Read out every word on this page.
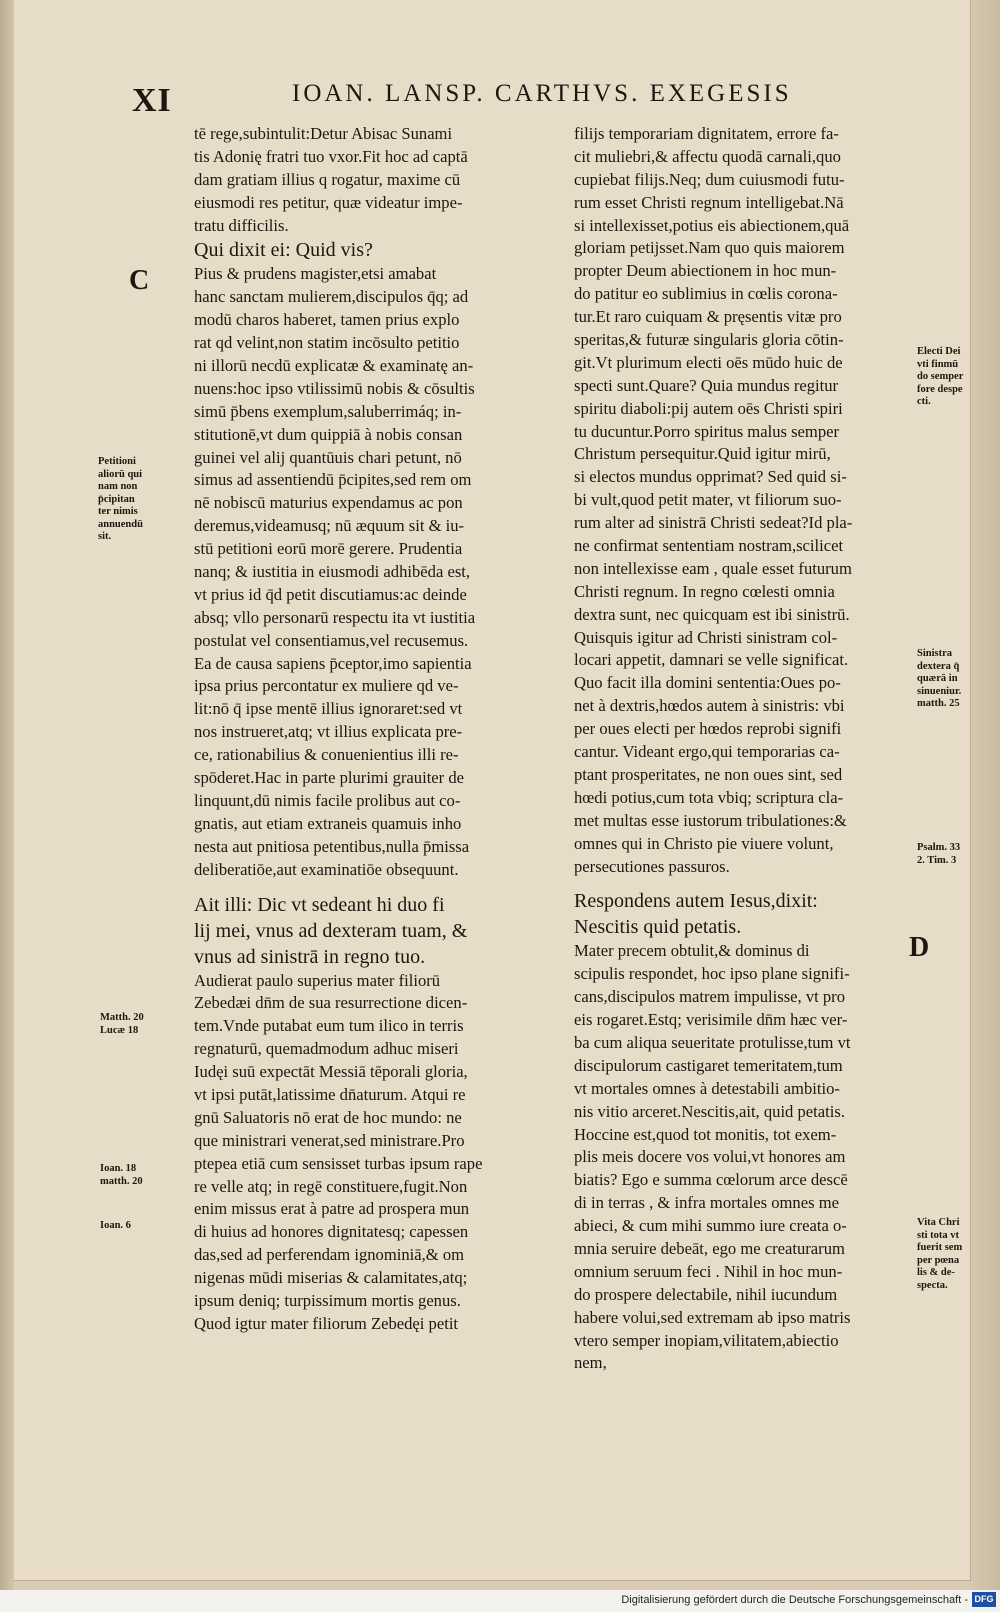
XI	IOAN. LANSP. CARTHVS. EXEGESIS
tē rege,subintulit:Detur Abisac Sunami
tis Adonię fratri tuo vxor.Fit hoc ad captā
dam gratiam illius q rogatur, maxime cū
eiusmodi res petitur, quæ videatur impe-
tratu difficilis.
Qui dixit ei: Quid vis?
Pius & prudens magister,etsi amabat
hanc sanctam mulierem,discipulos q̄q; ad
modū charos haberet, tamen prius explo
rat qd velint,non statim incōsulto petitio
ni illorū necdū explicatæ & examinatę an-
nuens:hoc ipso vtilissimū nobis & cōsultis
simū p̄bens exemplum,saluberrimáq; in-
stitutionē,vt dum quippiā à nobis consan
guinei vel alij quantūuis chari petunt, nō
simus ad assentiendū p̄cipites,sed rem om
nē nobiscū maturius expendamus ac pon
deremus,videamusq; nū æquum sit & iu-
stū petitioni eorū morē gerere. Prudentia
nanq; & iustitia in eiusmodi adhibēda est,
vt prius id q̄d petit discutiamus:ac deinde
absq; vllo personarū respectu ita vt iustitia
postulat vel consentiamus,vel recusemus.
Ea de causa sapiens p̄ceptor,imo sapientia
ipsa prius percontatur ex muliere qd ve-
lit:nō q̄ ipse mentē illius ignoraret:sed vt
nos instrueret,atq; vt illius explicata pre-
ce, rationabilius & conuenientius illi re-
spōderet.Hac in parte plurimi grauiter de
linquunt,dū nimis facile prolibus aut co-
gnatis, aut etiam extraneis quamuis inho
nesta aut pnitiosa petentibus,nulla p̄missa
deliberatiōe,aut examinatiōe obsequunt.
Ait illi: Dic vt sedeant hi duo fi
lij mei, vnus ad dexteram tuam, &
vnus ad sinistrā in regno tuo.
Audierat paulo superius mater filiorū
Zebedæi dn̄m de sua resurrectione dicen-
tem.Vnde putabat eum tum ilico in terris
regnaturū, quemadmodum adhuc miseri
Iudęi suū expectāt Messiā tēporali gloria,
vt ipsi putāt,latissime dn̄aturum. Atqui re
gnū Saluatoris nō erat de hoc mundo: ne
que ministrari venerat,sed ministrare.Pro
ptерea etiā cum sensisset turbas ipsum rape
re velle atq; in regē constituere,fugit.Non
enim missus erat à patre ad prospera mun
di huius ad honores dignitatesq; capessen
das,sed ad perferendam ignominiā,& om
nigenas mūdi miserias & calamitates,atq;
ipsum deniq; turpissimum mortis genus.
Quod igtur mater filiorum Zebedęi petit
filijs temporariam dignitatem, errore fa-
cit muliebri,& affectu quodā carnali,quo
cupiebat filijs.Neq; dum cuiusmodi futu-
rum esset Christi regnum intelligebat.Nā
si intellexisset,potius eis abiectionem,quā
gloriam petijsset.Nam quo quis maiorem
propter Deum abiectionem in hoc mun-
do patitur eo sublimius in cœlis corona-
tur.Et raro cuiquam & pręsentis vitæ pro
speritas,& futuræ singularis gloria cōtin-
git.Vt plurimum electi oēs mūdo huic de
specti sunt.Quare? Quia mundus regitur
spiritu diaboli:pij autem oēs Christi spiri
tu ducuntur.Porro spiritus malus semper
Christum persequitur.Quid igitur mirū,
si electos mundus opprimat? Sed quid si-
bi vult,quod petit mater, vt filiorum suo-
rum alter ad sinistrā Christi sedeat?Id pla-
ne confirmat sententiam nostram,scilicet
non intellexisse eam , quale esset futurum
Christi regnum. In regno cœlesti omnia
dextra sunt, nec quicquam est ibi sinistrū.
Quisquis igitur ad Christi sinistram col-
locari appetit, damnari se velle significat.
Quo facit illa domini sententia:Oues po-
net à dextris,hœdos autem à sinistris: vbi
per oues electi per hœdos reprobi signifi
cantur. Videant ergo,qui temporarias ca-
ptant prosperitates, ne non oues sint, sed
hœdi potius,cum tota vbiq; scriptura cla-
met multas esse iustorum tribulationes:&
omnes qui in Christo pie viuere volunt,
persecutiones passuros.
Respondens autem Iesus,dixit:
Nescitis quid petatis.
Mater precem obtulit,& dominus di
scipulis respondet, hoc ipso plane signifi-
cans,discipulos matrem impulisse, vt pro
eis rogaret.Estq; verisimile dn̄m hæc ver-
ba cum aliqua seueritate protulisse,tum vt
discipulorum castigaret temeritatem,tum
vt mortales omnes à detestabili ambitio-
nis vitio arceret.Nescitis,ait, quid petatis.
Hoccine est,quod tot monitis, tot exem-
plis meis docere vos volui,vt honores am
biatis? Ego e summa cœlorum arce descē
di in terras , & infra mortales omnes me
abieci, & cum mihi summo iure creata o-
mnia seruire debeāt, ego me creaturarum
omnium seruum feci . Nihil in hoc mun-
do prospere delectabile, nihil iucundum
habere volui,sed extremam ab ipso matris
vtero semper inopiam,vilitatem,abiectio
nem,
C
D
Petitioni
aliorū qui
nam non
p̄cipitan
ter nimis
annuendū
sit.
Matth. 20
Lucæ 18
Ioan. 18
matth. 20
Ioan. 6
Electi Dei
vti finmū
do semper
fore despe
cti.
Sinistra
dextera q̄
quærā in
sinueniur.
matth. 25
Psalm. 33
2. Tim. 3
Vita Chri
sti tota vt
fuerit sem
per pœna
lis & de-
specta.
Digitalisierung gefördert durch die Deutsche Forschungsgemeinschaft - DFG
